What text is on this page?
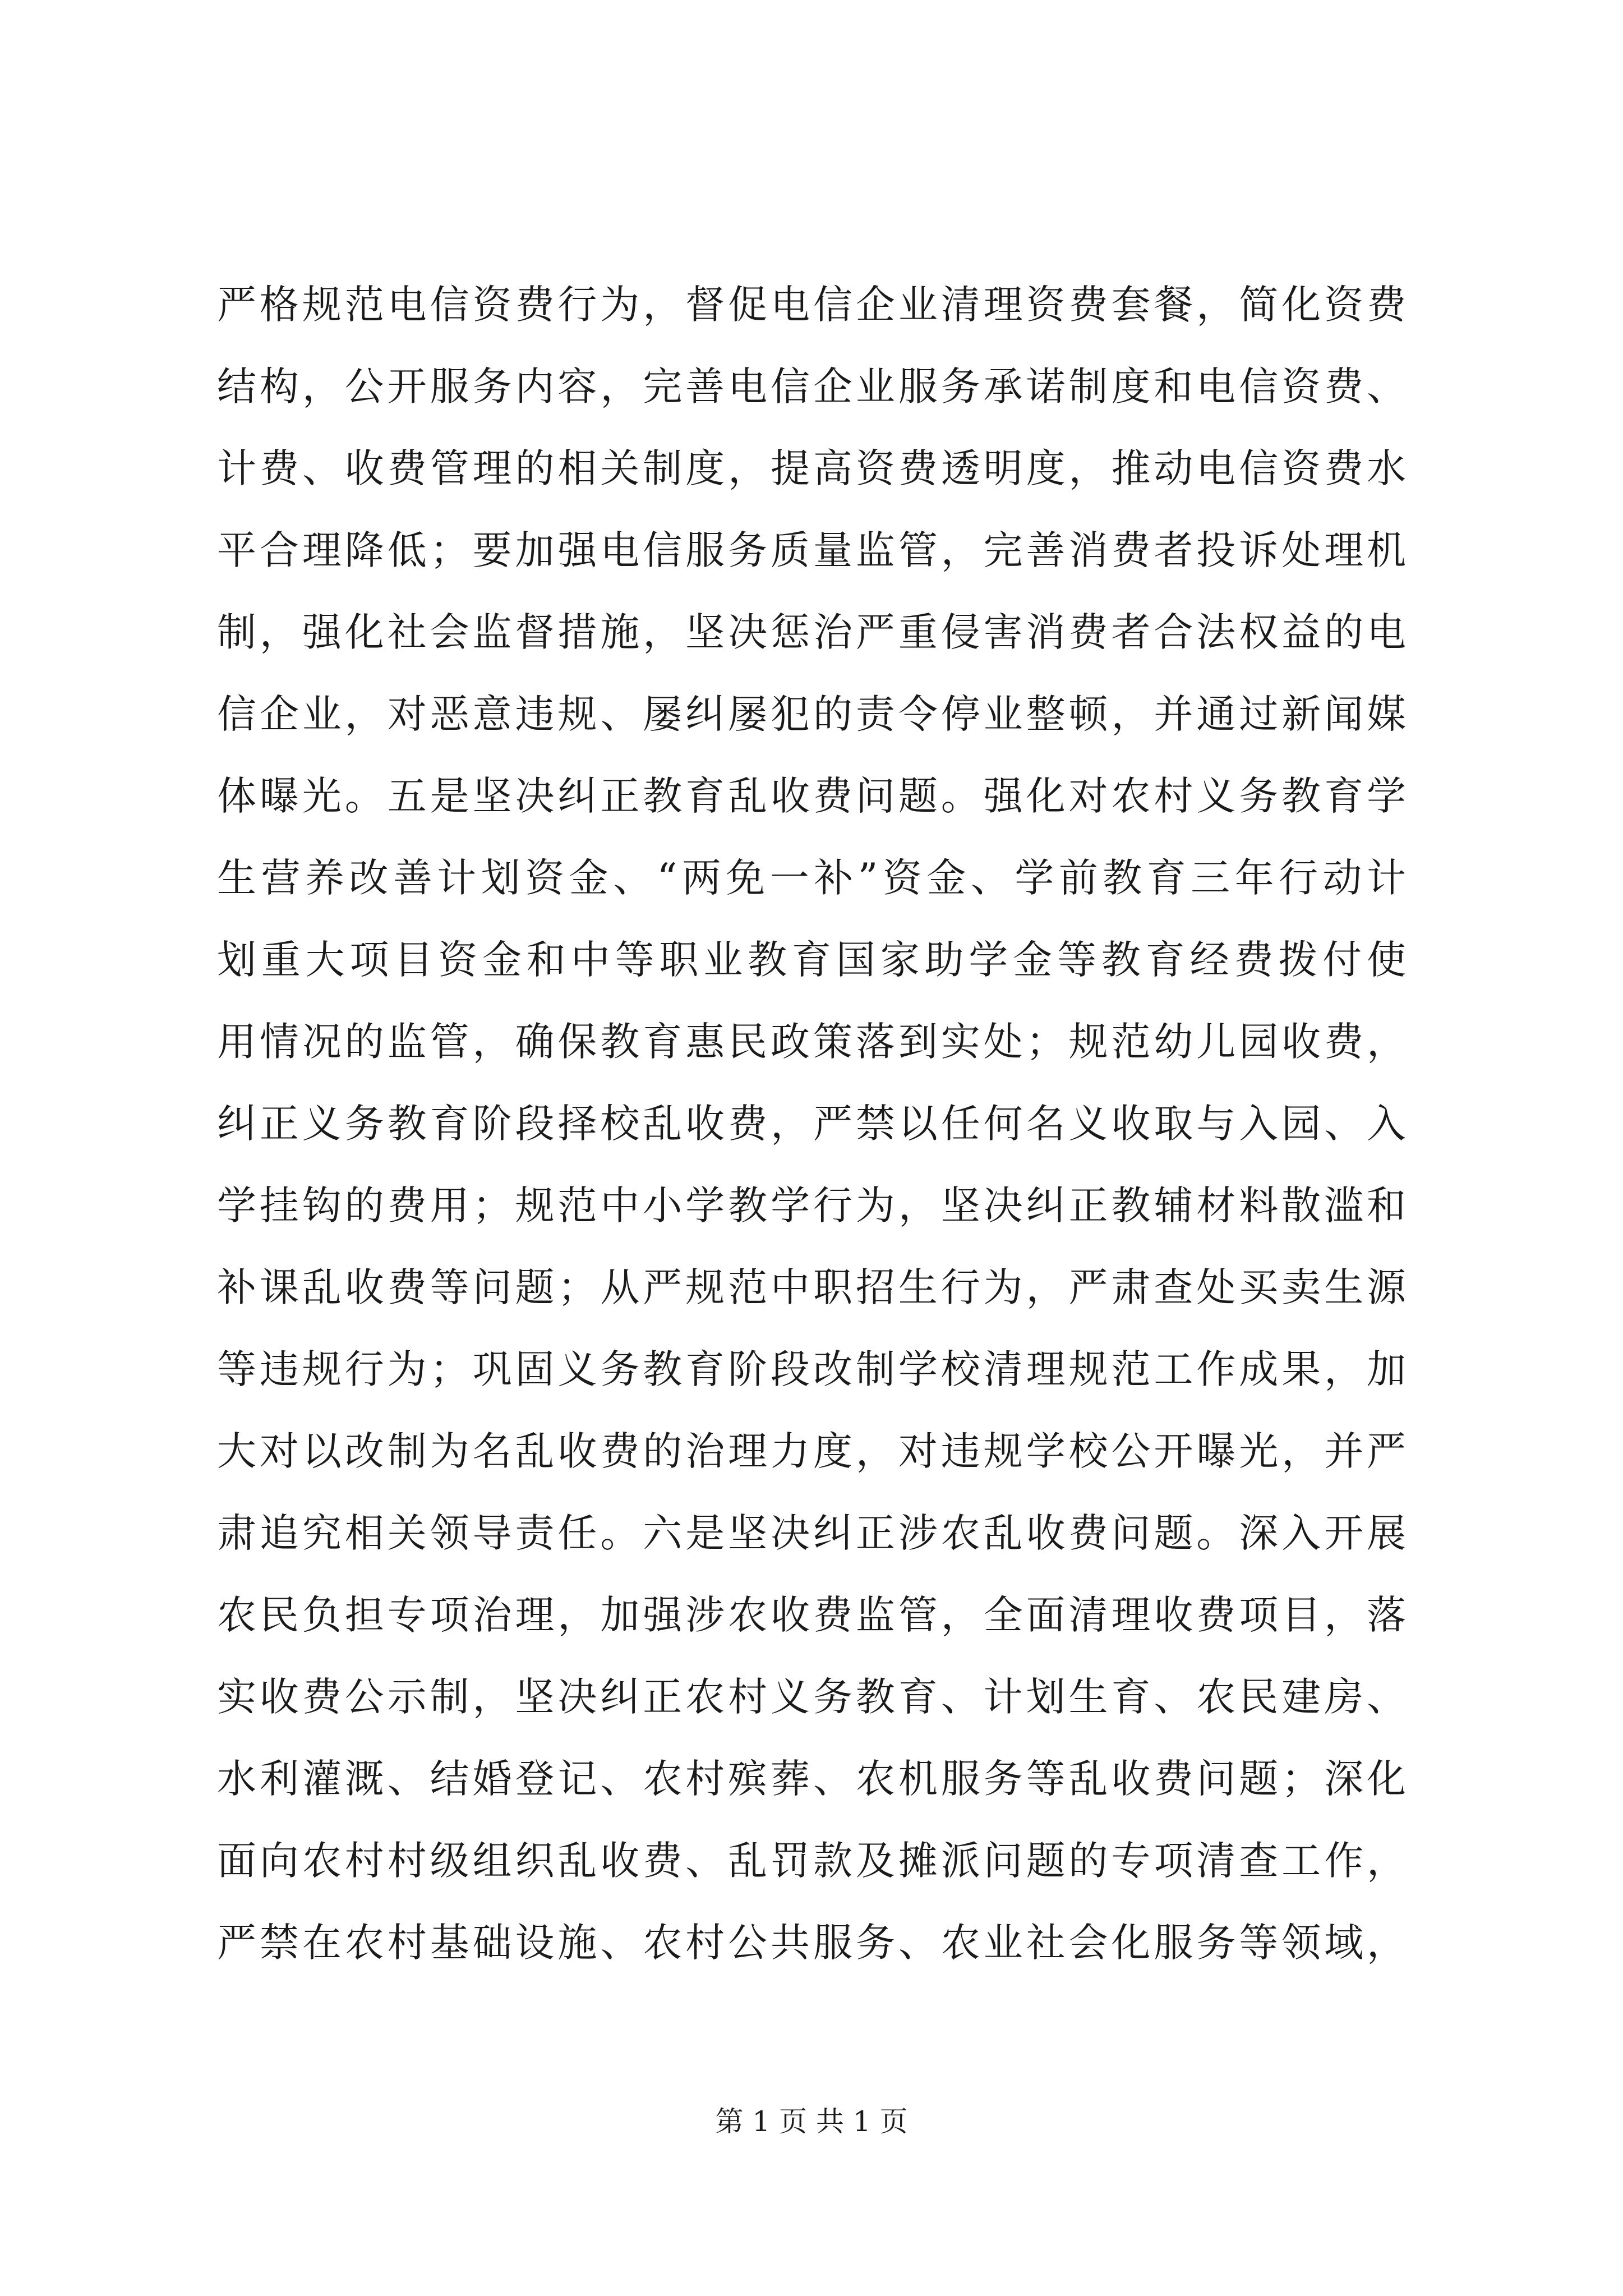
严格规范电信资费行为，督促电信企业清理资费套餐，简化资费
结构，公开服务内容，完善电信企业服务承诺制度和电信资费、
计费、收费管理的相关制度，提高资费透明度，推动电信资费水
平合理降低；要加强电信服务质量监管，完善消费者投诉处理机
制，强化社会监督措施，坚决惩治严重侵害消费者合法权益的电
信企业，对恶意违规、屡纠屡犯的责令停业整顿，并通过新闻媒
体曝光。五是坚决纠正教育乱收费问题。强化对农村义务教育学
生营养改善计划资金、“两免一补”资金、学前教育三年行动计
划重大项目资金和中等职业教育国家助学金等教育经费拨付使
用情况的监管，确保教育惠民政策落到实处；规范幼儿园收费，
纠正义务教育阶段择校乱收费，严禁以任何名义收取与入园、入
学挂钩的费用；规范中小学教学行为，坚决纠正教辅材料散滥和
补课乱收费等问题；从严规范中职招生行为，严肃查处买卖生源
等违规行为；巩固义务教育阶段改制学校清理规范工作成果，加
大对以改制为名乱收费的治理力度，对违规学校公开曝光，并严
肃追究相关领导责任。六是坚决纠正涉农乱收费问题。深入开展
农民负担专项治理，加强涉农收费监管，全面清理收费项目，落
实收费公示制，坚决纠正农村义务教育、计划生育、农民建房、
水利灌溉、结婚登记、农村殡葬、农机服务等乱收费问题；深化
面向农村村级组织乱收费、乱罚款及摊派问题的专项清查工作，
严禁在农村基础设施、农村公共服务、农业社会化服务等领域，
第 1 页 共 1 页
